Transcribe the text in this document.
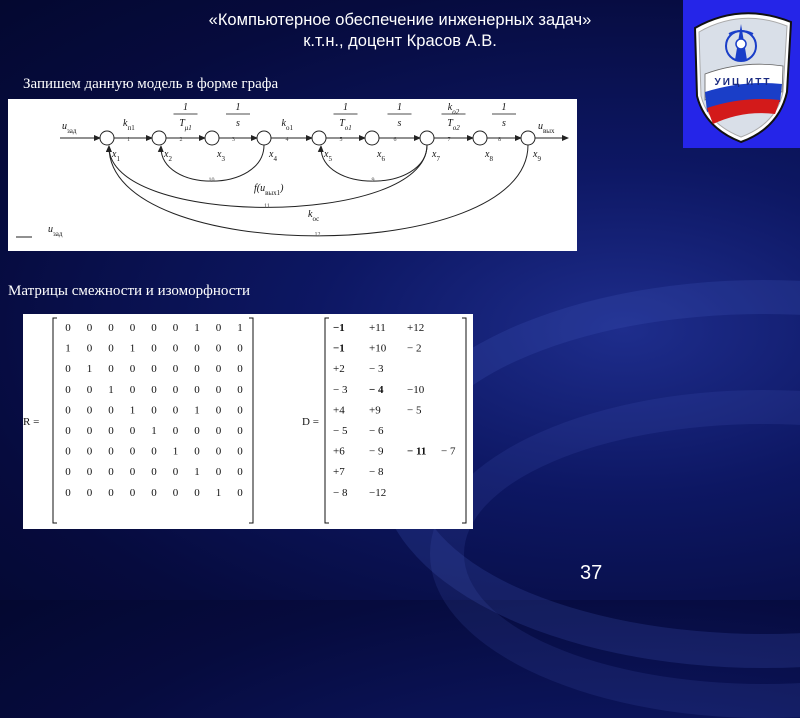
«Компьютерное обеспечение инженерных задач»
к.т.н., доцент Красов А.В.
УИЦ ИТТ
Запишем данную модель в форме графа
$u_{зад}$
1
$k_{п1}$
2
1
$T_{\mu 1}$
3
1
s
4
$k_{о1}$
5
1
$T_{о1}$
6
1
s
7
$k_{о2}$
$T_{о2}$
8
1
s	$u_{вых}$
$x_1$	$x_2$	$x_3$	$x_4$	$x_5$	$x_6$	$x_7$	$x_8$	$x_9$
10	9
11
12
$f(u_{вых1})$
$k_{ос}$
$u_{зад}$
Матрицы смежности и изоморфности
R =
0 0 0 0 0 0 1 0 1
1 0 0 1 0 0 0 0 0
0 1 0 0 0 0 0 0 0
0 0 1 0 0 0 0 0 0
0 0 0 1 0 0 1 0 0
0 0 0 0 1 0 0 0 0
0 0 0 0 0 1 0 0 0
0 0 0 0 0 0 1 0 0
0 0 0 0 0 0 0 1 0
D =
−1 +11 +12
−1 +10 − 2
+2 − 3
− 3 − 4 −10
+4 +9 − 5
− 5 − 6
+6 − 9 − 11 − 7
+7 − 8
− 8 −12
37
